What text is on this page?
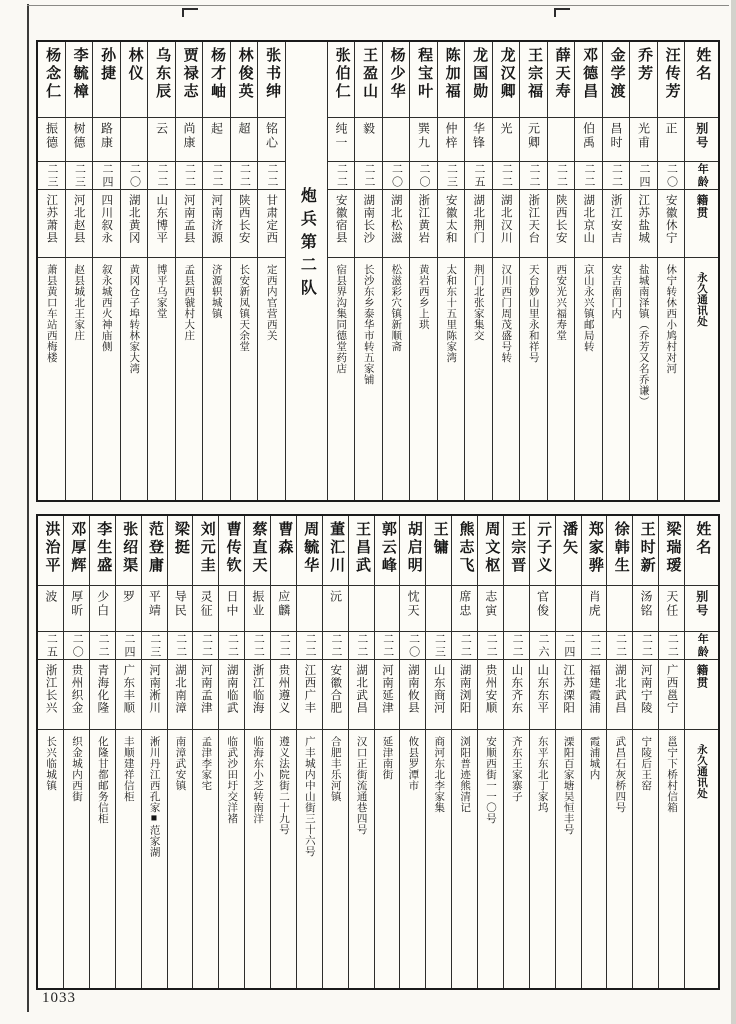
姓名
别号
年龄
籍贯
永久通讯处
汪传芳
正
二〇
安徽休宁
休宁转休西小鸠村对河
乔芳
光甫
二四
江苏盐城
盐城南泽镇（乔芳又名乔谦）
金学渡
昌时
二二
浙江安吉
安吉南门内
邓德昌
伯禹
二二
湖北京山
京山永兴镇邮局转
薛天寿
二二
陕西长安
西安光兴福寿堂
王宗福
元卿
二二
浙江天台
天台妙山里永和祥号
龙汉卿
光
二二
湖北汉川
汉川西门周茂盛号转
龙国勋
华锋
二五
湖北荆门
荆门北张家集交
陈加福
仲梓
二三
安徽太和
太和东十五里陈家湾
程宝叶
巽九
二〇
浙江黄岩
黄岩西乡上珙
杨少华
二〇
湖北松滋
松滋彩穴镇新顺斋
王盈山
毅
二二
湖南长沙
长沙东乡泰华市转五家铺
张伯仁
纯一
二二
安徽宿县
宿县界沟集同德堂药店
炮兵第二队
张书绅
铭心
二二
甘肃定西
定西内官营西关
林俊英
超
二二
陕西长安
长安新凤镇天余堂
杨才岫
起
二二
河南济源
济源轵城镇
贾禄志
尚康
二二
河南孟县
孟县西虢村大庄
乌东辰
云
二二
山东博平
博平乌家堂
林仪
二〇
湖北黄冈
黄冈仓子埠转林家大湾
孙捷
路康
二四
四川叙永
叙永城西火神庙侧
李毓樟
树德
二三
河北赵县
赵县城北王家庄
杨念仁
振德
二三
江苏萧县
萧县黄口车站西梅楼
姓名
别号
年龄
籍贯
永久通讯处
梁瑞瑷
天任
二二
广西邕宁
邕宁下桥村信箱
王时新
汤铭
二二
河南宁陵
宁陵后王窑
徐韩生
二二
湖北武昌
武昌石灰桥四号
郑家骅
肖虎
二二
福建霞浦
霞浦城内
潘矢
二四
江苏溧阳
溧阳百家塘吴恒丰号
亓子义
官俊
二六
山东东平
东平东北丁家坞
王宗晋
二二
山东齐东
齐东王家寨子
周文枢
志寅
二二
贵州安顺
安顺西街一一〇号
熊志飞
席忠
二二
湖南浏阳
浏阳普迹熊清记
王镛
二三
山东商河
商河东北李家集
胡启明
忱天
二〇
湖南攸县
攸县罗潭市
郭云峰
二二
河南延津
延津南街
王昌武
二二
湖北武昌
汉口正街流通巷四号
董汇川
沅
二二
安徽合肥
合肥丰乐河镇
周毓华
二二
江西广丰
广丰城内中山街三十六号
曹森
应麟
二二
贵州遵义
遵义法院街二十九号
蔡直天
振业
二二
浙江临海
临海东小芝转南洋
曹传钦
日中
二二
湖南临武
临武沙田圩交洋褚
刘元圭
灵征
二二
河南孟津
孟津李家宅
梁挺
导民
二二
湖北南漳
南漳武安镇
范登庸
平靖
二三
河南淅川
淅川丹江西孔家■范家湖
张绍渠
罗
二四
广东丰顺
丰顺建祥信柜
李生盛
少白
二二
青海化隆
化隆甘都邮务信柜
邓厚辉
厚昕
二〇
贵州织金
织金城内西街
洪治平
波
二五
浙江长兴
长兴临城镇
1033
